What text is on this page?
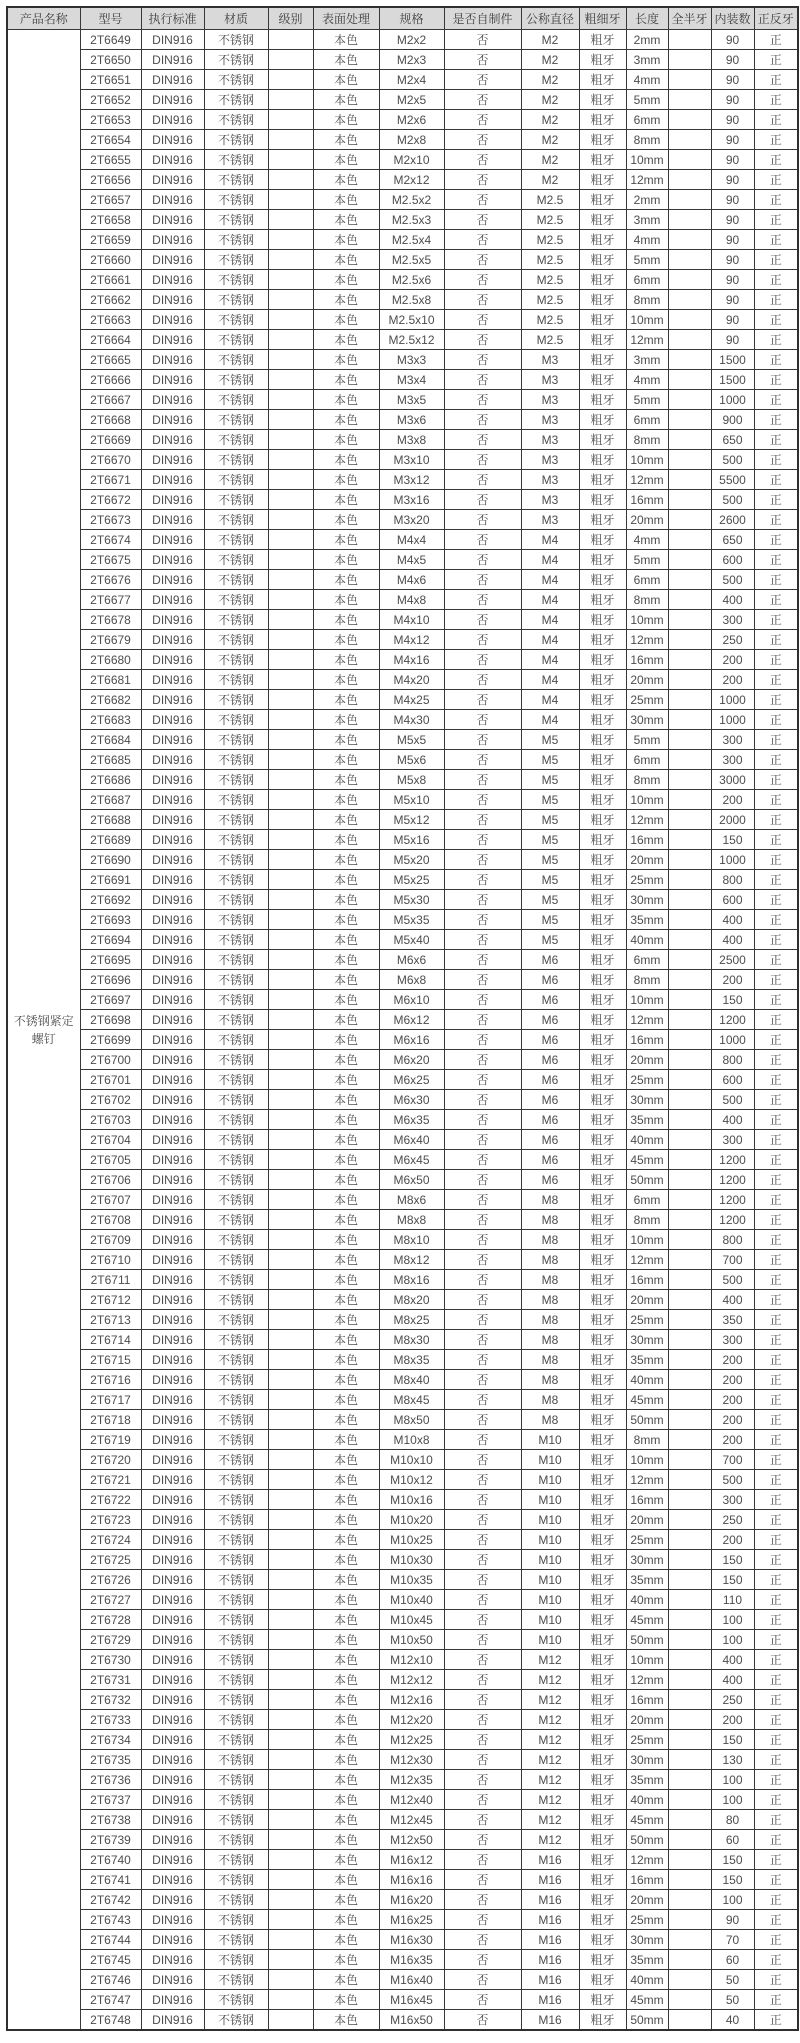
产品名称	型号	执行标准	材质	级别	表面处理	规格	是否自制件	公称直径	粗细牙	长度	全半牙	内装数	正反牙
不锈钢紧定螺钉	2T6649	DIN916	不锈钢		本色	M2x2	否	M2	粗牙	2mm		90	正
	2T6650	DIN916	不锈钢		本色	M2x3	否	M2	粗牙	3mm		90	正
	2T6651	DIN916	不锈钢		本色	M2x4	否	M2	粗牙	4mm		90	正
	2T6652	DIN916	不锈钢		本色	M2x5	否	M2	粗牙	5mm		90	正
	2T6653	DIN916	不锈钢		本色	M2x6	否	M2	粗牙	6mm		90	正
	2T6654	DIN916	不锈钢		本色	M2x8	否	M2	粗牙	8mm		90	正
	2T6655	DIN916	不锈钢		本色	M2x10	否	M2	粗牙	10mm		90	正
	2T6656	DIN916	不锈钢		本色	M2x12	否	M2	粗牙	12mm		90	正
	2T6657	DIN916	不锈钢		本色	M2.5x2	否	M2.5	粗牙	2mm		90	正
	2T6658	DIN916	不锈钢		本色	M2.5x3	否	M2.5	粗牙	3mm		90	正
	2T6659	DIN916	不锈钢		本色	M2.5x4	否	M2.5	粗牙	4mm		90	正
	2T6660	DIN916	不锈钢		本色	M2.5x5	否	M2.5	粗牙	5mm		90	正
	2T6661	DIN916	不锈钢		本色	M2.5x6	否	M2.5	粗牙	6mm		90	正
	2T6662	DIN916	不锈钢		本色	M2.5x8	否	M2.5	粗牙	8mm		90	正
	2T6663	DIN916	不锈钢		本色	M2.5x10	否	M2.5	粗牙	10mm		90	正
	2T6664	DIN916	不锈钢		本色	M2.5x12	否	M2.5	粗牙	12mm		90	正
	2T6665	DIN916	不锈钢		本色	M3x3	否	M3	粗牙	3mm		1500	正
	2T6666	DIN916	不锈钢		本色	M3x4	否	M3	粗牙	4mm		1500	正
	2T6667	DIN916	不锈钢		本色	M3x5	否	M3	粗牙	5mm		1000	正
	2T6668	DIN916	不锈钢		本色	M3x6	否	M3	粗牙	6mm		900	正
	2T6669	DIN916	不锈钢		本色	M3x8	否	M3	粗牙	8mm		650	正
	2T6670	DIN916	不锈钢		本色	M3x10	否	M3	粗牙	10mm		500	正
	2T6671	DIN916	不锈钢		本色	M3x12	否	M3	粗牙	12mm		5500	正
	2T6672	DIN916	不锈钢		本色	M3x16	否	M3	粗牙	16mm		500	正
	2T6673	DIN916	不锈钢		本色	M3x20	否	M3	粗牙	20mm		2600	正
	2T6674	DIN916	不锈钢		本色	M4x4	否	M4	粗牙	4mm		650	正
	2T6675	DIN916	不锈钢		本色	M4x5	否	M4	粗牙	5mm		600	正
	2T6676	DIN916	不锈钢		本色	M4x6	否	M4	粗牙	6mm		500	正
	2T6677	DIN916	不锈钢		本色	M4x8	否	M4	粗牙	8mm		400	正
	2T6678	DIN916	不锈钢		本色	M4x10	否	M4	粗牙	10mm		300	正
	2T6679	DIN916	不锈钢		本色	M4x12	否	M4	粗牙	12mm		250	正
	2T6680	DIN916	不锈钢		本色	M4x16	否	M4	粗牙	16mm		200	正
	2T6681	DIN916	不锈钢		本色	M4x20	否	M4	粗牙	20mm		200	正
	2T6682	DIN916	不锈钢		本色	M4x25	否	M4	粗牙	25mm		1000	正
	2T6683	DIN916	不锈钢		本色	M4x30	否	M4	粗牙	30mm		1000	正
	2T6684	DIN916	不锈钢		本色	M5x5	否	M5	粗牙	5mm		300	正
	2T6685	DIN916	不锈钢		本色	M5x6	否	M5	粗牙	6mm		300	正
	2T6686	DIN916	不锈钢		本色	M5x8	否	M5	粗牙	8mm		3000	正
	2T6687	DIN916	不锈钢		本色	M5x10	否	M5	粗牙	10mm		200	正
	2T6688	DIN916	不锈钢		本色	M5x12	否	M5	粗牙	12mm		2000	正
	2T6689	DIN916	不锈钢		本色	M5x16	否	M5	粗牙	16mm		150	正
	2T6690	DIN916	不锈钢		本色	M5x20	否	M5	粗牙	20mm		1000	正
	2T6691	DIN916	不锈钢		本色	M5x25	否	M5	粗牙	25mm		800	正
	2T6692	DIN916	不锈钢		本色	M5x30	否	M5	粗牙	30mm		600	正
	2T6693	DIN916	不锈钢		本色	M5x35	否	M5	粗牙	35mm		400	正
	2T6694	DIN916	不锈钢		本色	M5x40	否	M5	粗牙	40mm		400	正
	2T6695	DIN916	不锈钢		本色	M6x6	否	M6	粗牙	6mm		2500	正
	2T6696	DIN916	不锈钢		本色	M6x8	否	M6	粗牙	8mm		200	正
	2T6697	DIN916	不锈钢		本色	M6x10	否	M6	粗牙	10mm		150	正
	2T6698	DIN916	不锈钢		本色	M6x12	否	M6	粗牙	12mm		1200	正
	2T6699	DIN916	不锈钢		本色	M6x16	否	M6	粗牙	16mm		1000	正
	2T6700	DIN916	不锈钢		本色	M6x20	否	M6	粗牙	20mm		800	正
	2T6701	DIN916	不锈钢		本色	M6x25	否	M6	粗牙	25mm		600	正
	2T6702	DIN916	不锈钢		本色	M6x30	否	M6	粗牙	30mm		500	正
	2T6703	DIN916	不锈钢		本色	M6x35	否	M6	粗牙	35mm		400	正
	2T6704	DIN916	不锈钢		本色	M6x40	否	M6	粗牙	40mm		300	正
	2T6705	DIN916	不锈钢		本色	M6x45	否	M6	粗牙	45mm		1200	正
	2T6706	DIN916	不锈钢		本色	M6x50	否	M6	粗牙	50mm		1200	正
	2T6707	DIN916	不锈钢		本色	M8x6	否	M8	粗牙	6mm		1200	正
	2T6708	DIN916	不锈钢		本色	M8x8	否	M8	粗牙	8mm		1200	正
	2T6709	DIN916	不锈钢		本色	M8x10	否	M8	粗牙	10mm		800	正
	2T6710	DIN916	不锈钢		本色	M8x12	否	M8	粗牙	12mm		700	正
	2T6711	DIN916	不锈钢		本色	M8x16	否	M8	粗牙	16mm		500	正
	2T6712	DIN916	不锈钢		本色	M8x20	否	M8	粗牙	20mm		400	正
	2T6713	DIN916	不锈钢		本色	M8x25	否	M8	粗牙	25mm		350	正
	2T6714	DIN916	不锈钢		本色	M8x30	否	M8	粗牙	30mm		300	正
	2T6715	DIN916	不锈钢		本色	M8x35	否	M8	粗牙	35mm		200	正
	2T6716	DIN916	不锈钢		本色	M8x40	否	M8	粗牙	40mm		200	正
	2T6717	DIN916	不锈钢		本色	M8x45	否	M8	粗牙	45mm		200	正
	2T6718	DIN916	不锈钢		本色	M8x50	否	M8	粗牙	50mm		200	正
	2T6719	DIN916	不锈钢		本色	M10x8	否	M10	粗牙	8mm		200	正
	2T6720	DIN916	不锈钢		本色	M10x10	否	M10	粗牙	10mm		700	正
	2T6721	DIN916	不锈钢		本色	M10x12	否	M10	粗牙	12mm		500	正
	2T6722	DIN916	不锈钢		本色	M10x16	否	M10	粗牙	16mm		300	正
	2T6723	DIN916	不锈钢		本色	M10x20	否	M10	粗牙	20mm		250	正
	2T6724	DIN916	不锈钢		本色	M10x25	否	M10	粗牙	25mm		200	正
	2T6725	DIN916	不锈钢		本色	M10x30	否	M10	粗牙	30mm		150	正
	2T6726	DIN916	不锈钢		本色	M10x35	否	M10	粗牙	35mm		150	正
	2T6727	DIN916	不锈钢		本色	M10x40	否	M10	粗牙	40mm		110	正
	2T6728	DIN916	不锈钢		本色	M10x45	否	M10	粗牙	45mm		100	正
	2T6729	DIN916	不锈钢		本色	M10x50	否	M10	粗牙	50mm		100	正
	2T6730	DIN916	不锈钢		本色	M12x10	否	M12	粗牙	10mm		400	正
	2T6731	DIN916	不锈钢		本色	M12x12	否	M12	粗牙	12mm		400	正
	2T6732	DIN916	不锈钢		本色	M12x16	否	M12	粗牙	16mm		250	正
	2T6733	DIN916	不锈钢		本色	M12x20	否	M12	粗牙	20mm		200	正
	2T6734	DIN916	不锈钢		本色	M12x25	否	M12	粗牙	25mm		150	正
	2T6735	DIN916	不锈钢		本色	M12x30	否	M12	粗牙	30mm		130	正
	2T6736	DIN916	不锈钢		本色	M12x35	否	M12	粗牙	35mm		100	正
	2T6737	DIN916	不锈钢		本色	M12x40	否	M12	粗牙	40mm		100	正
	2T6738	DIN916	不锈钢		本色	M12x45	否	M12	粗牙	45mm		80	正
	2T6739	DIN916	不锈钢		本色	M12x50	否	M12	粗牙	50mm		60	正
	2T6740	DIN916	不锈钢		本色	M16x12	否	M16	粗牙	12mm		150	正
	2T6741	DIN916	不锈钢		本色	M16x16	否	M16	粗牙	16mm		150	正
	2T6742	DIN916	不锈钢		本色	M16x20	否	M16	粗牙	20mm		100	正
	2T6743	DIN916	不锈钢		本色	M16x25	否	M16	粗牙	25mm		90	正
	2T6744	DIN916	不锈钢		本色	M16x30	否	M16	粗牙	30mm		70	正
	2T6745	DIN916	不锈钢		本色	M16x35	否	M16	粗牙	35mm		60	正
	2T6746	DIN916	不锈钢		本色	M16x40	否	M16	粗牙	40mm		50	正
	2T6747	DIN916	不锈钢		本色	M16x45	否	M16	粗牙	45mm		50	正
	2T6748	DIN916	不锈钢		本色	M16x50	否	M16	粗牙	50mm		40	正
